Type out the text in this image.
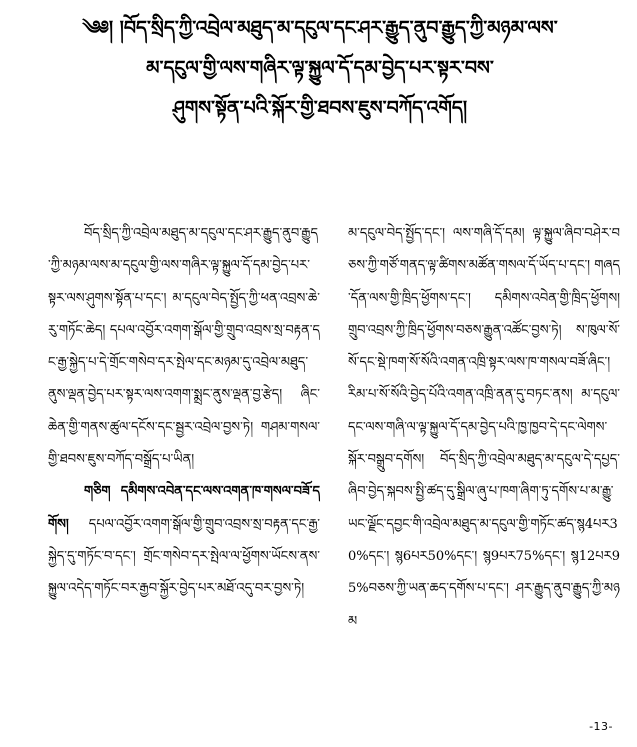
༄༅། །བོད་སྲིད་ཀྱི་འབྲེལ་མཐུད་མ་དངུལ་དང་ཤར་རྒྱུད་ནུབ་རྒྱུད་ཀྱི་མཉམ་ལས་
མ་དངུལ་གྱི་ལས་གཞིར་ལྟ་སྐྱུལ་དོ་དམ་བྱེད་པར་སྟར་བས་
ཤུགས་སྟོན་པའི་སྐོར་གྱི་ཐབས་ཇུས་བཀོད་འགོད།

བོད་སྲིད་ཀྱི་འབྲེལ་མཐུད་མ་དངུལ་དང་ཤར་རྒྱུད་ནུབ་རྒྱུད་ཀྱི་མཉམ་ལས་མ་དངུལ་གྱི་ལས་གཞིར་ལྟ་སྐྱུལ་དོ་དམ་བྱེད་པར་སྟར་ལས་ཤུགས་སྟོན་པ་དང་། མ་དངུལ་བེད་སྤྱོད་ཀྱི་ཕན་འབྲས་ཆེ་རུ་གཏོང་ཆེད། དཔལ་འབྱོར་འགག་སྒོལ་གྱི་གྲུབ་འབྲས་སྲ་བརྟན་དང་རྒྱ་སྐྱེད་པ་དེ་གྲོང་གསེབ་དར་སྤེལ་དང་མཉམ་དུ་འབྲེལ་མཐུད་ནུས་ལྡན་བྱེད་པར་སྟར་ལས་འགག་སྨྲང་ནུས་ལྡན་བྱ་རྩེད། ཞིང་ཆེན་གྱི་གནས་ཚུལ་དངོས་དང་སྦྱར་འབྲེལ་བྱས་ཏེ། གཤམ་གསལ་གྱི་ཐབས་ཇུས་བཀོད་བསྒྲོད་པ་ཡིན།

གཅིག དམིགས་འབེན་དང་ལས་འགན་ཁ་གསལ་བཟོ་དགོས། དཔལ་འབྱོར་འགག་སྒོལ་གྱི་གྲུབ་འབྲས་སྲ་བརྟན་དང་རྒྱ་སྐྱེད་དུ་གཏོང་བ་དང་། གྲོང་གསེབ་དར་སྤེལ་ལ་ཕྱོགས་ཡོངས་ནས་སྐྱུལ་འདེད་གཏོང་བར་རྒྱབ་སྐྱོར་བྱེད་པར་མཐོ་འདུ་བར་བྱས་ཏེ།

མ་དངུལ་བེད་སྤྱོད་དང་། ལས་གཞི་དོ་དམ། ལྟ་སྐྱུལ་ཞིབ་བཤེར་བཅས་ཀྱི་གཙོ་གནད་ལྟ་ཚིགས་མཚོན་གསལ་དོ་ཡོད་པ་དང་། གཞད་དོན་ལས་གྱི་ཁྲིད་ཕྱོགས་དང་། དམིགས་འབེན་གྱི་ཁྲིད་ཕྱོགས། གྲུབ་འབྲས་ཀྱི་ཁྲིད་ཕྱོགས་བཅས་རྒྱུན་འཚོང་བྱས་ཏེ། ས་ཁུལ་སོ་སོ་དང་སྡེ་ཁག་སོ་སོའི་འགན་འཁྲི་སྟར་ལས་ཁ་གསལ་བཟོ་ཞིང་། རིམ་པ་སོ་སོའི་བྱེད་པོའི་འགན་འཁྲི་ནན་དུ་བཏང་ནས། མ་དངུལ་དང་ལས་གཞི་ལ་ལྟ་སྐྱུལ་དོ་དམ་བྱེད་པའི་ཁྱ་ཁྱབ་དེ་དང་ལེགས་སྐོར་བསྒྲུབ་དགོས། བོད་སྲིད་ཀྱི་འབྲེལ་མཐུད་མ་དངུལ་དེ་དཔྱད་ཞིབ་བྱེད་སྐབས་སྤྱི་ཚད་དུ་སྒྲིལ་ཞུ་པ་ཁག་ཞིག་ཏུ་དགོས་པ་མ་རྒྱུ་ཡང་ལྗོང་དབྱང་གི་འབྲེལ་མཐུད་མ་དངུལ་གྱི་གཏོང་ཚད་སྙ4པར30%དང་། སྙ6པར50%དང་། སྙ9པར75%དང་། སྙ12པར95%བཅས་ཀྱི་ཡན་ཆད་དགོས་པ་དང་། ཤར་རྒྱུད་ནུབ་རྒྱུད་ཀྱི་མཉམ

-13-
